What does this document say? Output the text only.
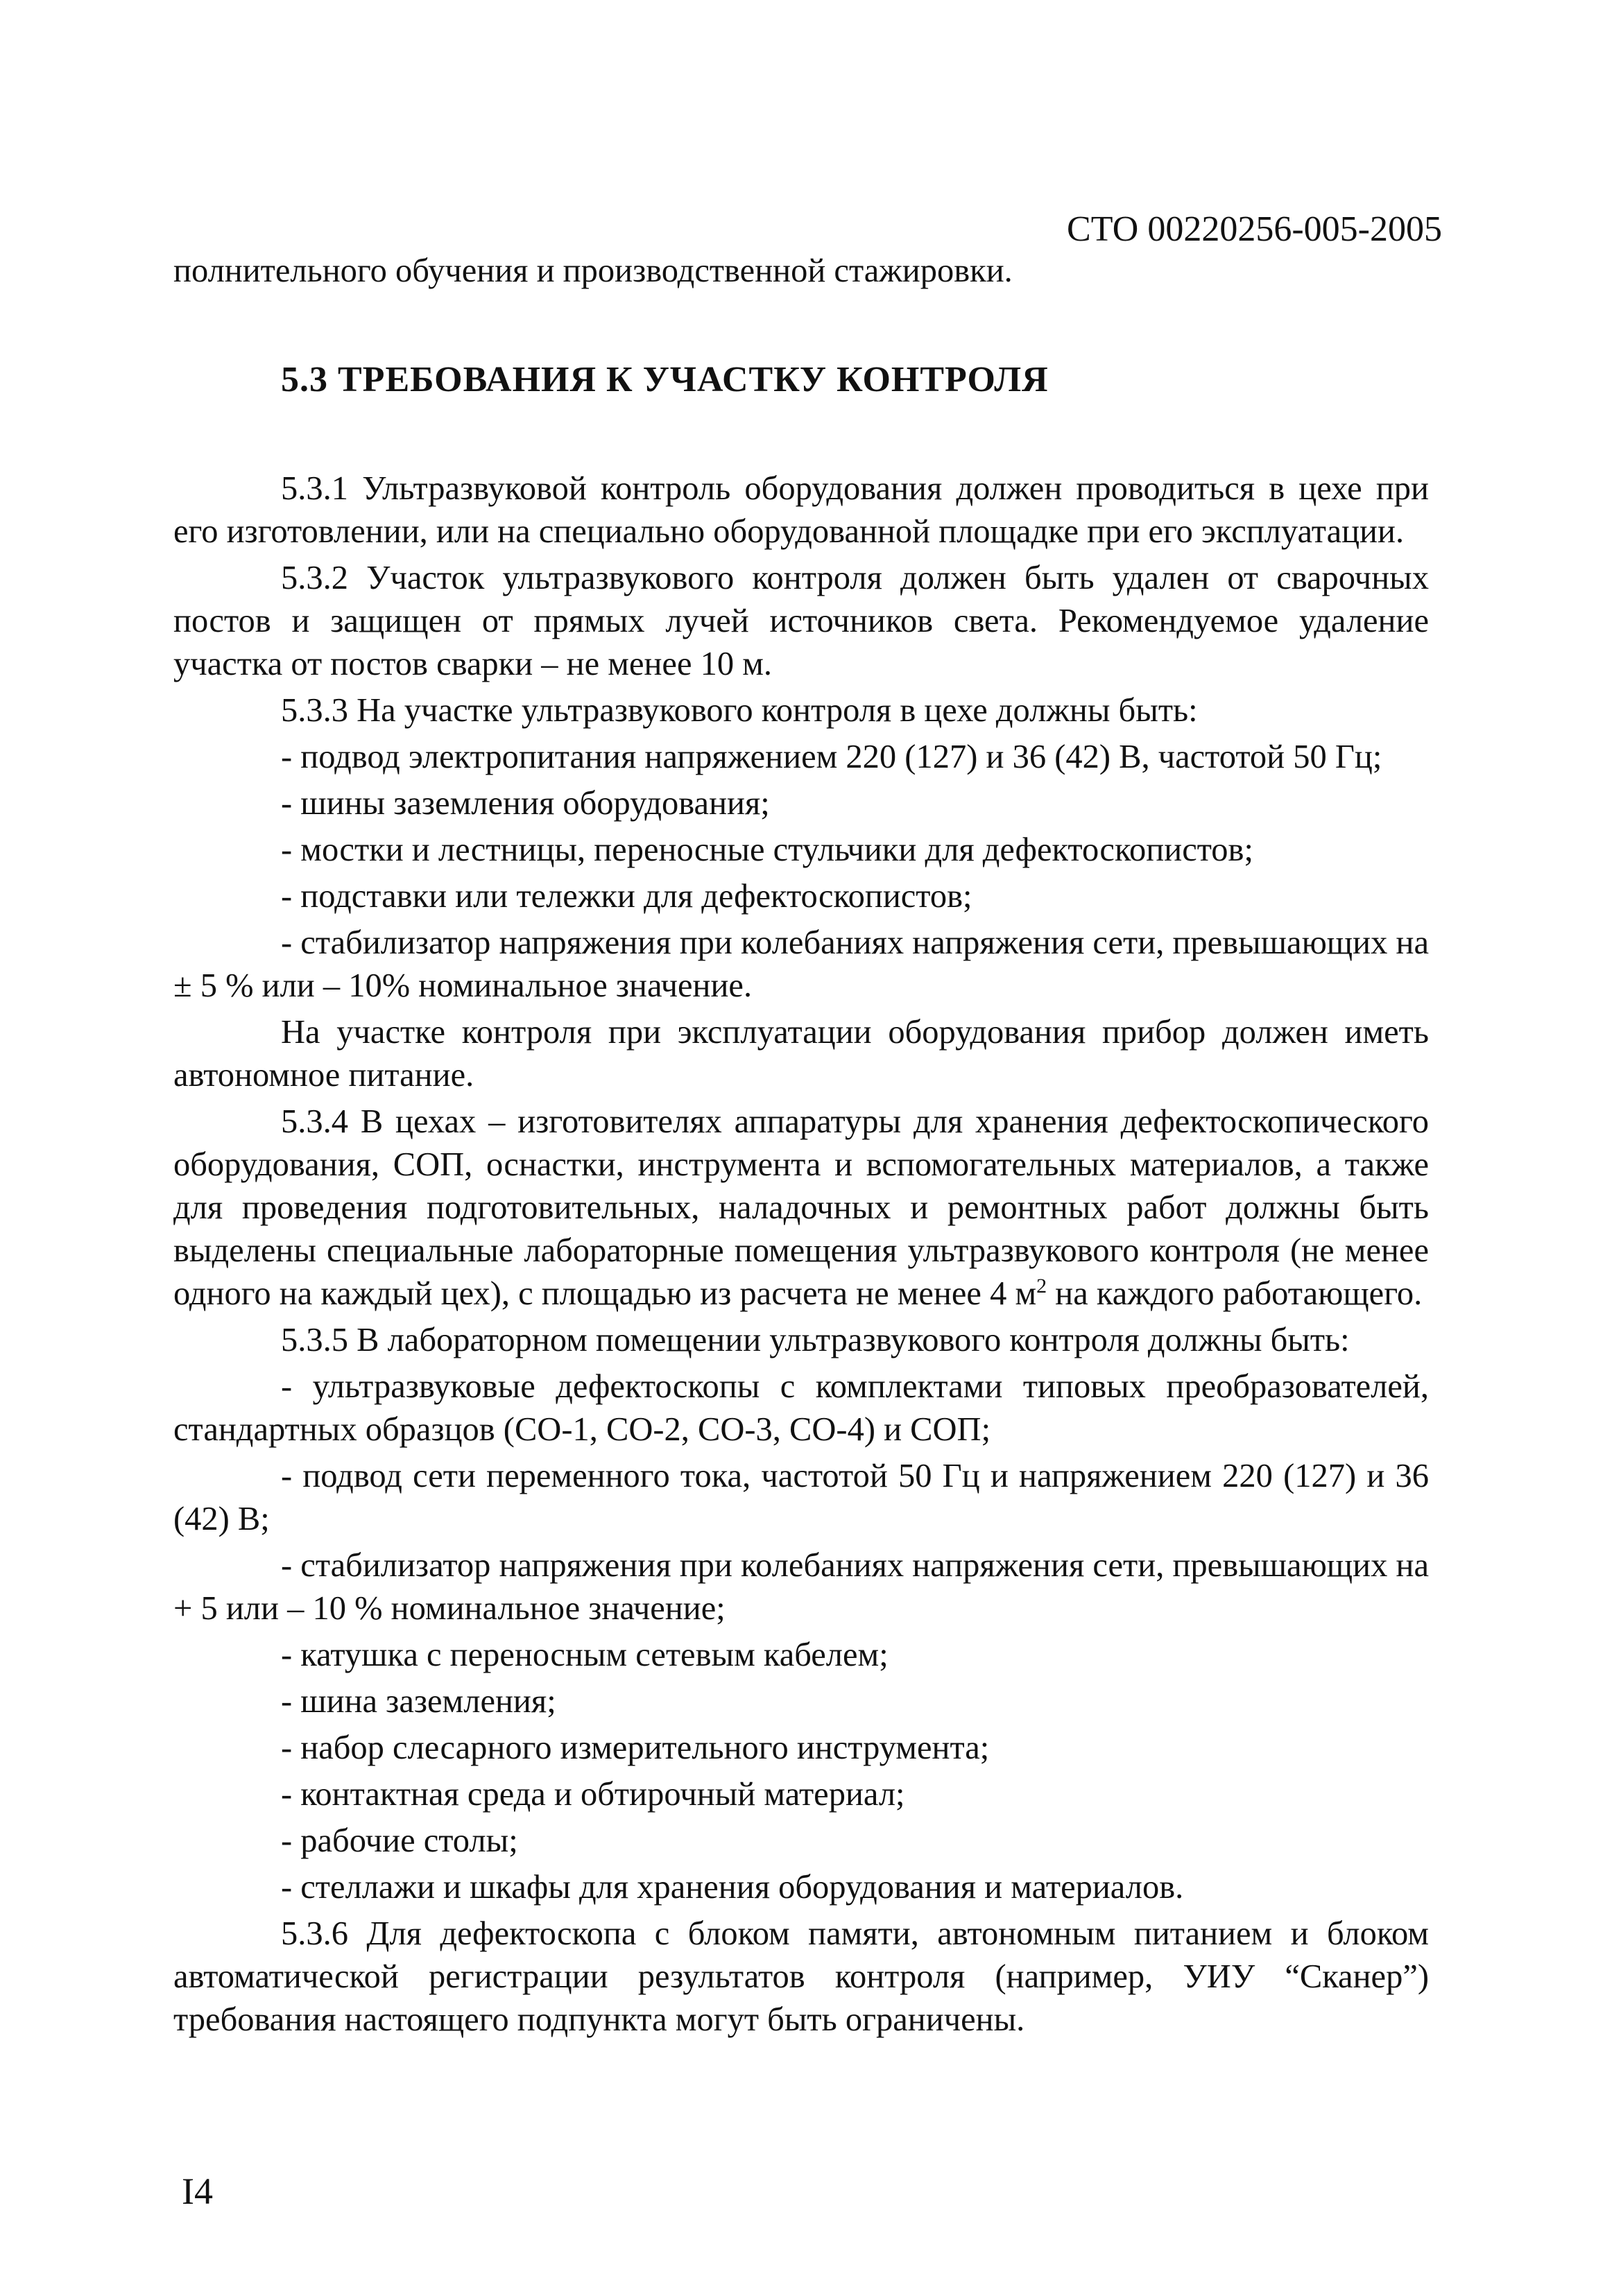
СТО 00220256-005-2005

полнительного обучения и производственной стажировки.

5.3 ТРЕБОВАНИЯ К УЧАСТКУ КОНТРОЛЯ

5.3.1 Ультразвуковой контроль оборудования должен проводиться в цехе при его изготовлении, или на специально оборудованной площадке при его эксплуатации.

5.3.2 Участок ультразвукового контроля должен быть удален от сварочных постов и защищен от прямых лучей источников света. Рекомендуемое удаление участка от постов сварки – не менее 10 м.

5.3.3 На участке ультразвукового контроля в цехе должны быть:

- подвод электропитания напряжением 220 (127) и 36 (42) В, частотой 50 Гц;

- шины заземления оборудования;

- мостки и лестницы, переносные стульчики для дефектоскопистов;

- подставки или тележки для дефектоскопистов;

- стабилизатор напряжения при колебаниях напряжения сети, превышающих на ± 5 % или – 10% номинальное значение.

На участке контроля при эксплуатации оборудования прибор должен иметь автономное питание.

5.3.4 В цехах – изготовителях аппаратуры для хранения дефектоскопического оборудования, СОП, оснастки, инструмента и вспомогательных материалов, а также для проведения подготовительных, наладочных и ремонтных работ должны быть выделены специальные лабораторные помещения ультразвукового контроля (не менее одного на каждый цех), с площадью из расчета не менее 4 $м^2$ на каждого работающего.

5.3.5 В лабораторном помещении ультразвукового контроля должны быть:

- ультразвуковые дефектоскопы с комплектами типовых преобразователей, стандартных образцов (СО-1, СО-2, СО-3, СО-4) и СОП;

- подвод сети переменного тока, частотой 50 Гц и напряжением 220 (127) и 36 (42) В;

- стабилизатор напряжения при колебаниях напряжения сети, превышающих на + 5 или – 10 % номинальное значение;

- катушка с переносным сетевым кабелем;

- шина заземления;

- набор слесарного измерительного инструмента;

- контактная среда и обтирочный материал;

- рабочие столы;

- стеллажи и шкафы для хранения оборудования и материалов.

5.3.6 Для дефектоскопа с блоком памяти, автономным питанием и блоком автоматической регистрации результатов контроля (например, УИУ “Сканер”) требования настоящего подпункта могут быть ограничены.

I4
